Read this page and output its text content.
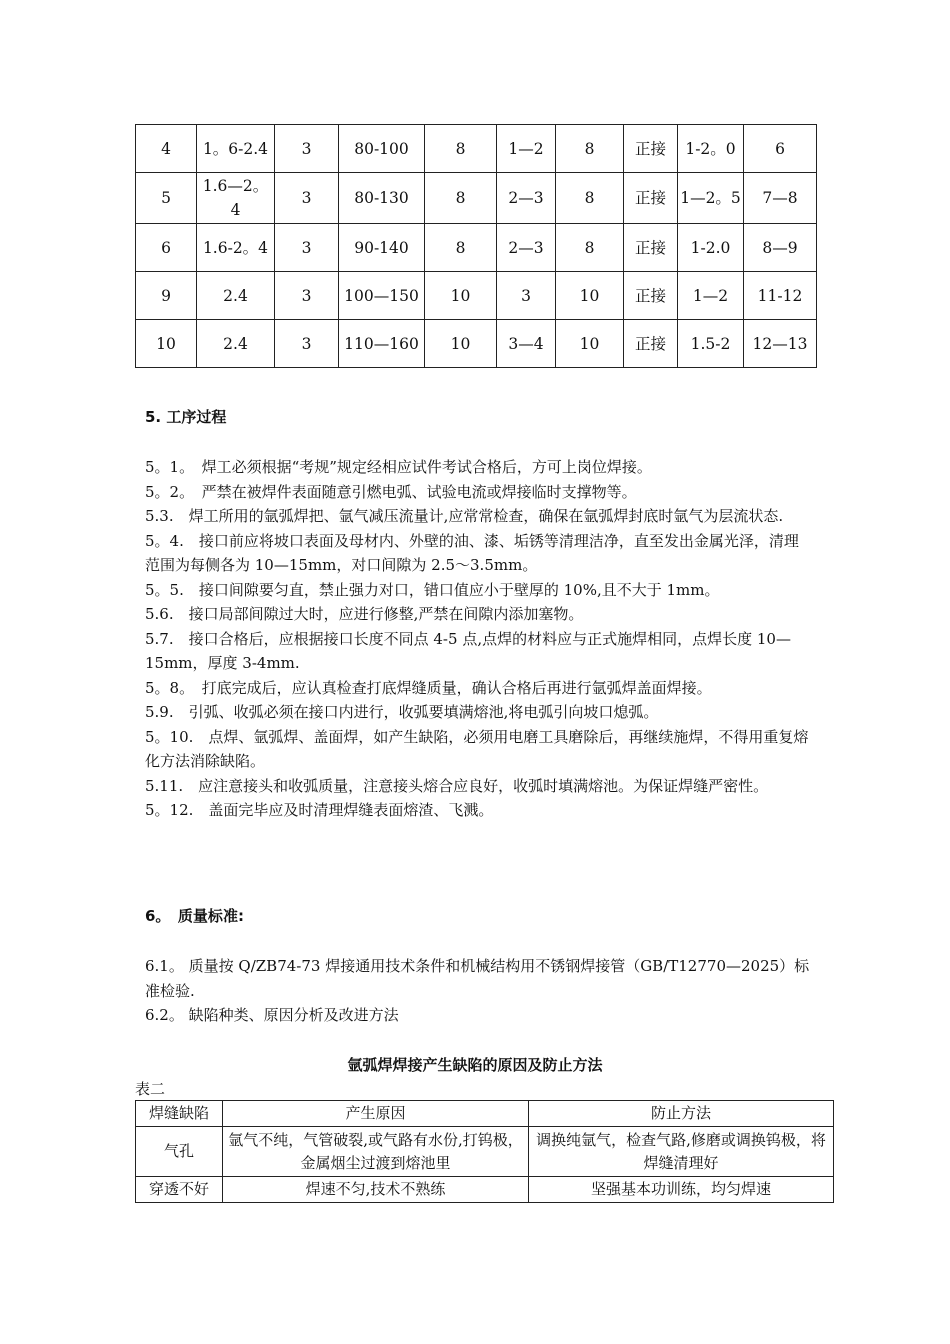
4	1。6-2.4	3	80-100	8	1—2	8	正接	1-2。0	6
5	1.6—2。4	3	80-130	8	2—3	8	正接	1—2。5	7—8
6	1.6-2。4	3	90-140	8	2—3	8	正接	1-2.0	8—9
9	2.4	3	100—150	10	3	10	正接	1—2	11-12
10	2.4	3	110—160	10	3—4	10	正接	1.5-2	12—13
5. 工序过程

5。1。　焊工必须根据“考规”规定经相应试件考试合格后，方可上岗位焊接。

5。2。　严禁在被焊件表面随意引燃电弧、试验电流或焊接临时支撑物等。

5.3.　焊工所用的氩弧焊把、氩气减压流量计,应常常检查，确保在氩弧焊封底时氩气为层流状态.

5。4.　接口前应将坡口表面及母材内、外壁的油、漆、垢锈等清理洁净，直至发出金属光泽，清理范围为每侧各为 10—15mm，对口间隙为 2.5～3.5mm。

5。5.　接口间隙要匀直，禁止强力对口，错口值应小于壁厚的 10%,且不大于 1mm。

5.6.　接口局部间隙过大时，应进行修整,严禁在间隙内添加塞物。

5.7.　接口合格后，应根据接口长度不同点 4-5 点,点焊的材料应与正式施焊相同，点焊长度 10—15mm，厚度 3-4mm.

5。8。　打底完成后，应认真检查打底焊缝质量，确认合格后再进行氩弧焊盖面焊接。

5.9.　引弧、收弧必须在接口内进行，收弧要填满熔池,将电弧引向坡口熄弧。

5。10.　点焊、氩弧焊、盖面焊，如产生缺陷，必须用电磨工具磨除后，再继续施焊，不得用重复熔化方法消除缺陷。

5.11.　应注意接头和收弧质量，注意接头熔合应良好，收弧时填满熔池。为保证焊缝严密性。

5。12.　盖面完毕应及时清理焊缝表面熔渣、飞溅。

6。　质量标准:

6.1。 质量按 Q/ZB74-73 焊接通用技术条件和机械结构用不锈钢焊接管（GB/T12770—2025）标准检验.

6.2。 缺陷种类、原因分析及改进方法

氩弧焊焊接产生缺陷的原因及防止方法
表二
焊缝缺陷	产生原因	防止方法
气孔	氩气不纯，气管破裂,或气路有水份,打钨极，金属烟尘过渡到熔池里	调换纯氩气，检查气路,修磨或调换钨极，将焊缝清理好
穿透不好	焊速不匀,技术不熟练	坚强基本功训练，均匀焊速
